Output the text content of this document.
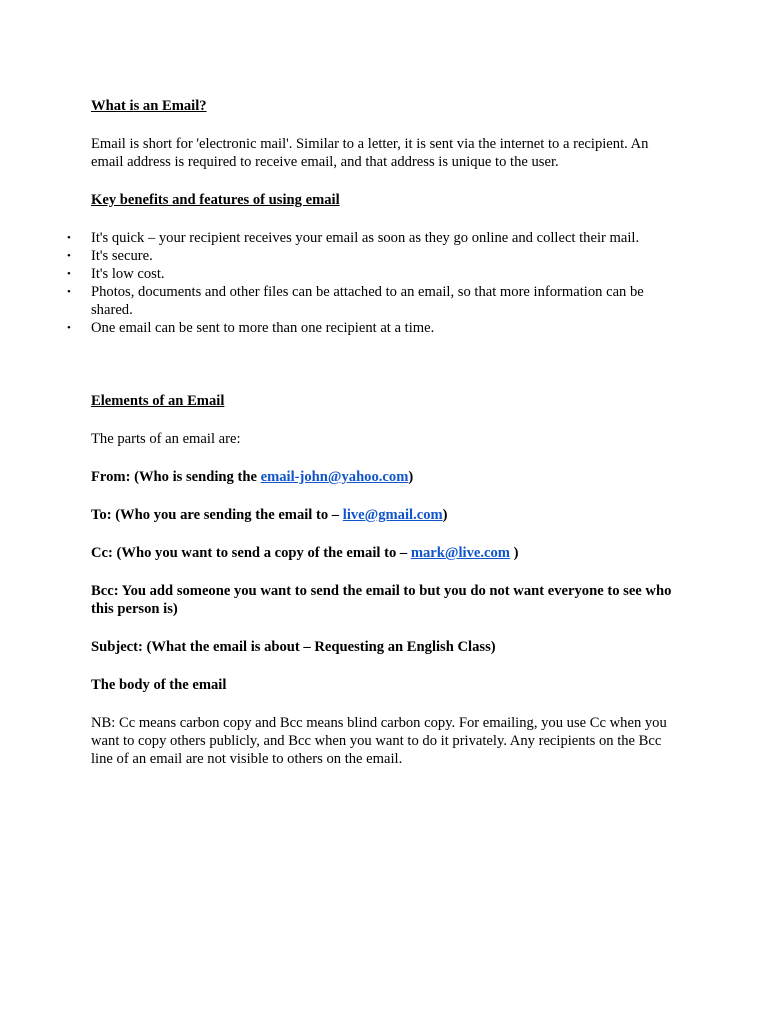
What is an Email?

Email is short for 'electronic mail'. Similar to a letter, it is sent via the internet to a recipient. An email address is required to receive email, and that address is unique to the user.

Key benefits and features of using email
• It's quick – your recipient receives your email as soon as they go online and collect their mail.
• It's secure.
• It's low cost.
• Photos, documents and other files can be attached to an email, so that more information can be shared.
• One email can be sent to more than one recipient at a time.
Elements of an Email

The parts of an email are:

From: (Who is sending the email-john@yahoo.com)

To: (Who you are sending the email to – live@gmail.com)

Cc: (Who you want to send a copy of the email to – mark@live.com )

Bcc: You add someone you want to send the email to but you do not want everyone to see who this person is)

Subject: (What the email is about – Requesting an English Class)

The body of the email

NB: Cc means carbon copy and Bcc means blind carbon copy. For emailing, you use Cc when you want to copy others publicly, and Bcc when you want to do it privately. Any recipients on the Bcc line of an email are not visible to others on the email.
